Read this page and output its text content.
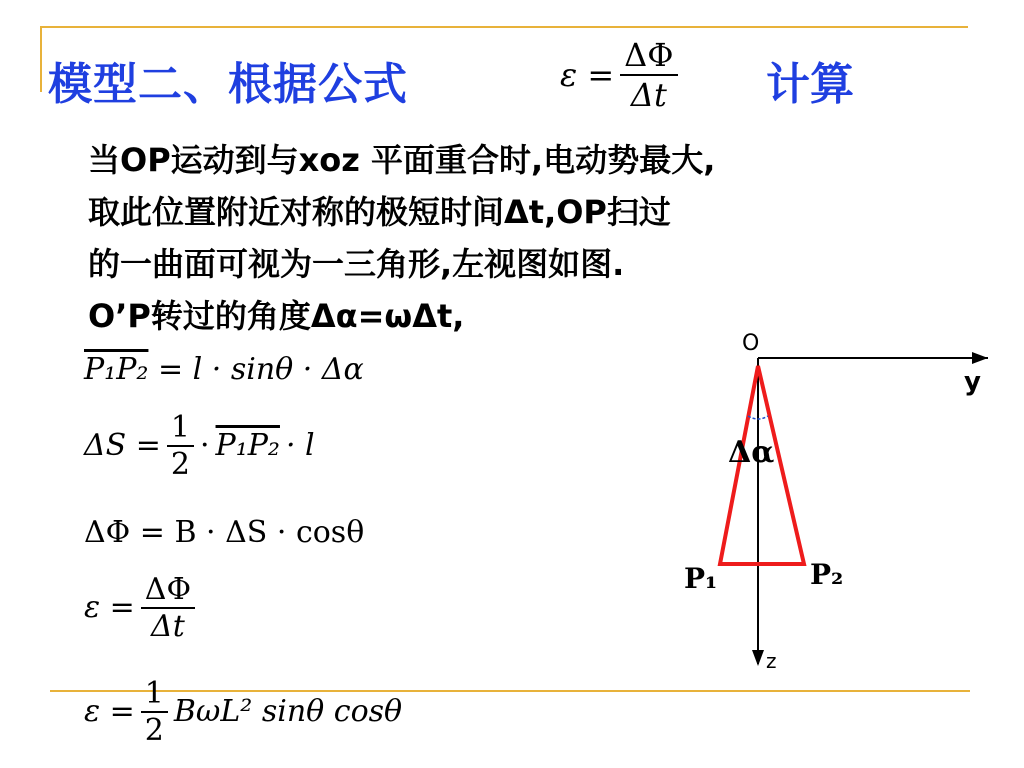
模型二、根据公式	$\varepsilon = \frac{\Delta\Phi}{\Delta t}$ 计算
当OP运动到与xoz 平面重合时,电动势最大,
取此位置附近对称的极短时间Δt,OP扫过
的一曲面可视为一三角形,左视图如图.
O’P转过的角度Δα=ωΔt,
P₁P₂ = l · sinθ · Δα
$\Delta S = \frac{1}{2} \cdot P_1P_2 \cdot l$
ΔΦ = B · ΔS · cosθ
$\varepsilon = \frac{\Delta\Phi}{\Delta t}$
$\varepsilon = \frac{1}{2} B\omega L^2$ sinθ cosθ
O
y
z
Δα
P₁	P₂
